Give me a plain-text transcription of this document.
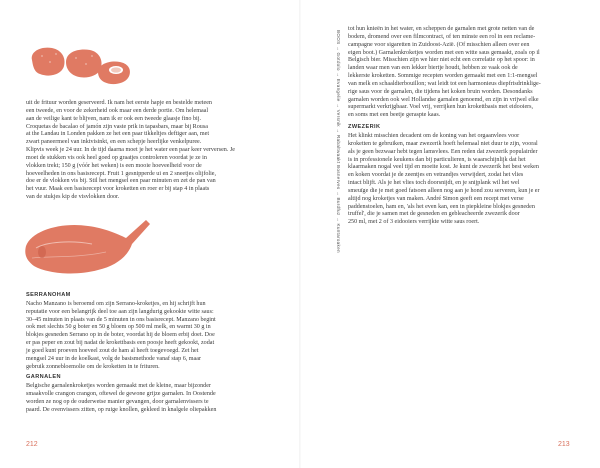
uit de frituur worden geserveerd. Ik nam het eerste hapje en bestelde meteen

een tweede, en voor de zekerheid ook maar een derde portie. Om helemaal

aan de veilige kant te blijven, nam ik er ook een tweede glaasje fino bij.

Croquetas de bacalao of jamón zijn vaste prik in tapasbars, maar bij Rousa

at the Landau in Londen pakken ze het een paar tikkeltjes deftiger aan, met

zwart paneermeel van inktvisinkt, en een schepje heerlijke venkelpuree.

Klipvis week je 24 uur. In de tijd daarna moet je het water een paar keer verversen. Je

moet de stukken vis ook heel goed op graatjes controleren voordat je ze in

vlokken trekt; 150 g (vóór het weken) is een mooie hoeveelheid voor de

hoeveelheden in ons basisrecept. Fruit 1 gesnipperde ui en 2 sneetjes olijfolie,

doe er de vlokken vis bij. Stil het mengsel een paar minuten en zet de pan van

het vuur. Maak een basisrecept voor kroketten en roer er bij stap 4 in plaats

van de stukjes kip de visvlokken door.

SERRANOHAM

Nacho Manzano is beroemd om zijn Serrano-kroketjes, en hij schrijft hun

reputatie voor een belangrijk deel toe aan zijn langdurig gekookte witte saus:

30–45 minuten in plaats van de 5 minuten in ons basisrecept. Manzano begint

ook met slechts 50 g boter en 50 g bloem op 500 ml melk, en warmt 30 g in

blokjes gesneden Serrano op in de boter, voordat hij de bloem erbij doet. Doe

er pas peper en zout bij nadat de krokettbasis een poosje heeft gekookt, zodat

je goed kunt proeven hoeveel zout de ham al heeft toegevoegd. Zet het

mengsel 24 uur in de koelkast, volg de basismethode vanaf stap 6, maar

gebruik zonnebloemolie om de kroketten in te frituren.

GARNALEN

Belgische garnalenkroketjes worden gemaakt met de kleine, maar bijzonder

smaakvolle crangon crangon, oftewel de gewone grijze garnalen. In Oostende

worden ze nog op de ouderwetse manier gevangen, door garnalenvissers te

paard. De ovenvissers zitten, op ruige knollen, gekleed in knalgele oliepakken

212	213
BOOS → Gotdolo → Evangelie → Versnik → Rabaltwaakt Bosnerves → Burdfuz → Kuntaroaken

tot hun knieën in het water, en scheppen de garnalen met grote netten van de

bodem, dromend over een filmcontract, of ten minste een rol in een reclame-

campagne voor sigaretten in Zuidoost-Azië. (Of misschien alleen over een

eigen boot.) Garnalenkroketjes worden met een witte saus gemaakt, zoals op il

Belgisch bier. Misschien zijn we hier niet echt een correlatie op het spoor: in

landen waar men van een lekker biertje houdt, hebben ze vaak ook de

lekkerste kroketten. Sommige recepten worden gemaakt met een 1:1-mengsel

van melk en schaaldierbouillon; wat leidt tot een harmonieus diepfrisdrinklige-

rige saus voor de garnalen, die tijdens het koken bruin worden. Desondanks

garnalen worden ook wel Hollandse garnalen genoemd, en zijn in vrijwel elke

supermarkt verkrijgbaar. Voel vrij, verrijken hun krokettbasis met eidooiers,

en soms met een beetje geraspte kaas.

ZWEZERIK

Het klinkt misschien decadent om de koning van het orgaanvlees voor

kroketten te gebruiken, maar zwezerik hoeft helemaal niet duur te zijn, vooral

als je geen bezwaar hebt tegen lamsvlees. Een reden dat zwezerik populairder

is in professionele keukens dan bij particulieren, is waarschijnlijk dat het

klaarmaken nogal veel tijd en moeite kost. Je kunt de zwezerik het best weken

en koken voordat je de zeentjes en vetrandjes verwijdert, zodat het vlies

intact blijft. Als je het vlies toch doorsnijdt, en je snijplank wil het wel

smeuïge die je met goed fatsoen alleen nog aan je hond zou serveren, kun je er

altijd nog kroketjes van maken. André Simon geeft een recept met verse

paddenstoelen, ham en, 'als het even kan, een in piepkleine blokjes gesneden

truffel', die je samen met de gesneden en gebleacheerde zwezerik door

250 ml, met 2 of 3 eidooiers verrijkte witte saus roert.
